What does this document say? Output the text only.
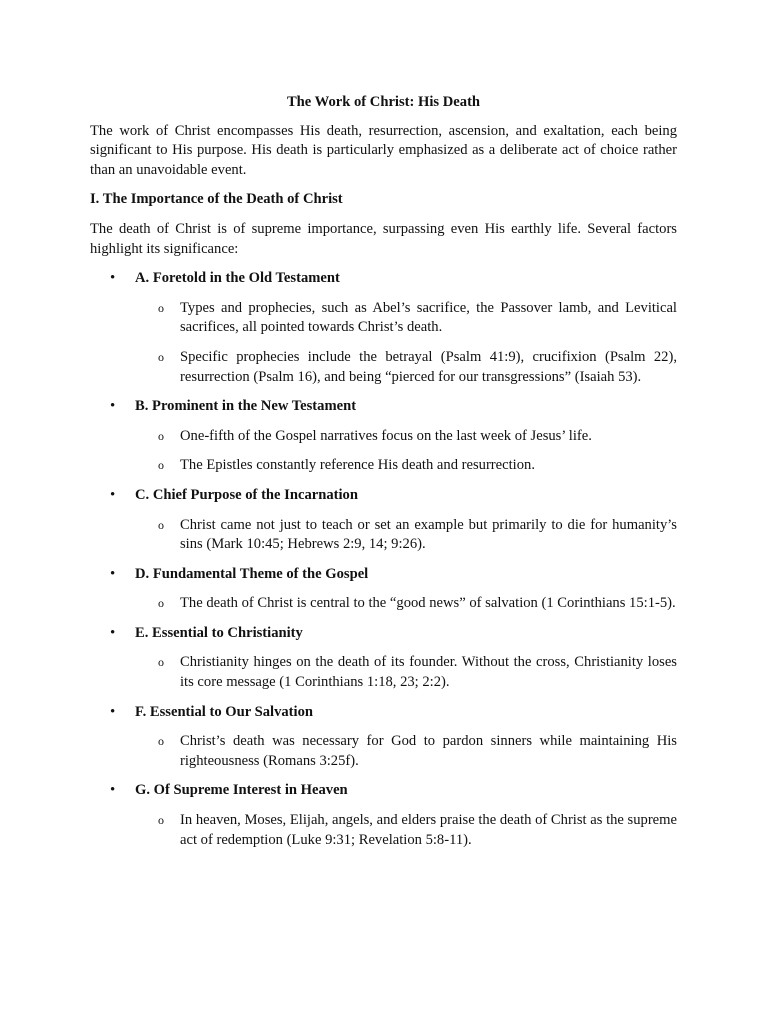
The Work of Christ: His Death

The work of Christ encompasses His death, resurrection, ascension, and exaltation, each being significant to His purpose. His death is particularly emphasized as a deliberate act of choice rather than an unavoidable event.

I. The Importance of the Death of Christ

The death of Christ is of supreme importance, surpassing even His earthly life. Several factors highlight its significance:

• A. Foretold in the Old Testament
o Types and prophecies, such as Abel’s sacrifice, the Passover lamb, and Levitical sacrifices, all pointed towards Christ’s death.
o Specific prophecies include the betrayal (Psalm 41:9), crucifixion (Psalm 22), resurrection (Psalm 16), and being “pierced for our transgressions” (Isaiah 53).
• B. Prominent in the New Testament
o One-fifth of the Gospel narratives focus on the last week of Jesus’ life.
o The Epistles constantly reference His death and resurrection.
• C. Chief Purpose of the Incarnation
o Christ came not just to teach or set an example but primarily to die for humanity’s sins (Mark 10:45; Hebrews 2:9, 14; 9:26).
• D. Fundamental Theme of the Gospel
o The death of Christ is central to the “good news” of salvation (1 Corinthians 15:1-5).
• E. Essential to Christianity
o Christianity hinges on the death of its founder. Without the cross, Christianity loses its core message (1 Corinthians 1:18, 23; 2:2).
• F. Essential to Our Salvation
o Christ’s death was necessary for God to pardon sinners while maintaining His righteousness (Romans 3:25f).
• G. Of Supreme Interest in Heaven
o In heaven, Moses, Elijah, angels, and elders praise the death of Christ as the supreme act of redemption (Luke 9:31; Revelation 5:8-11).
